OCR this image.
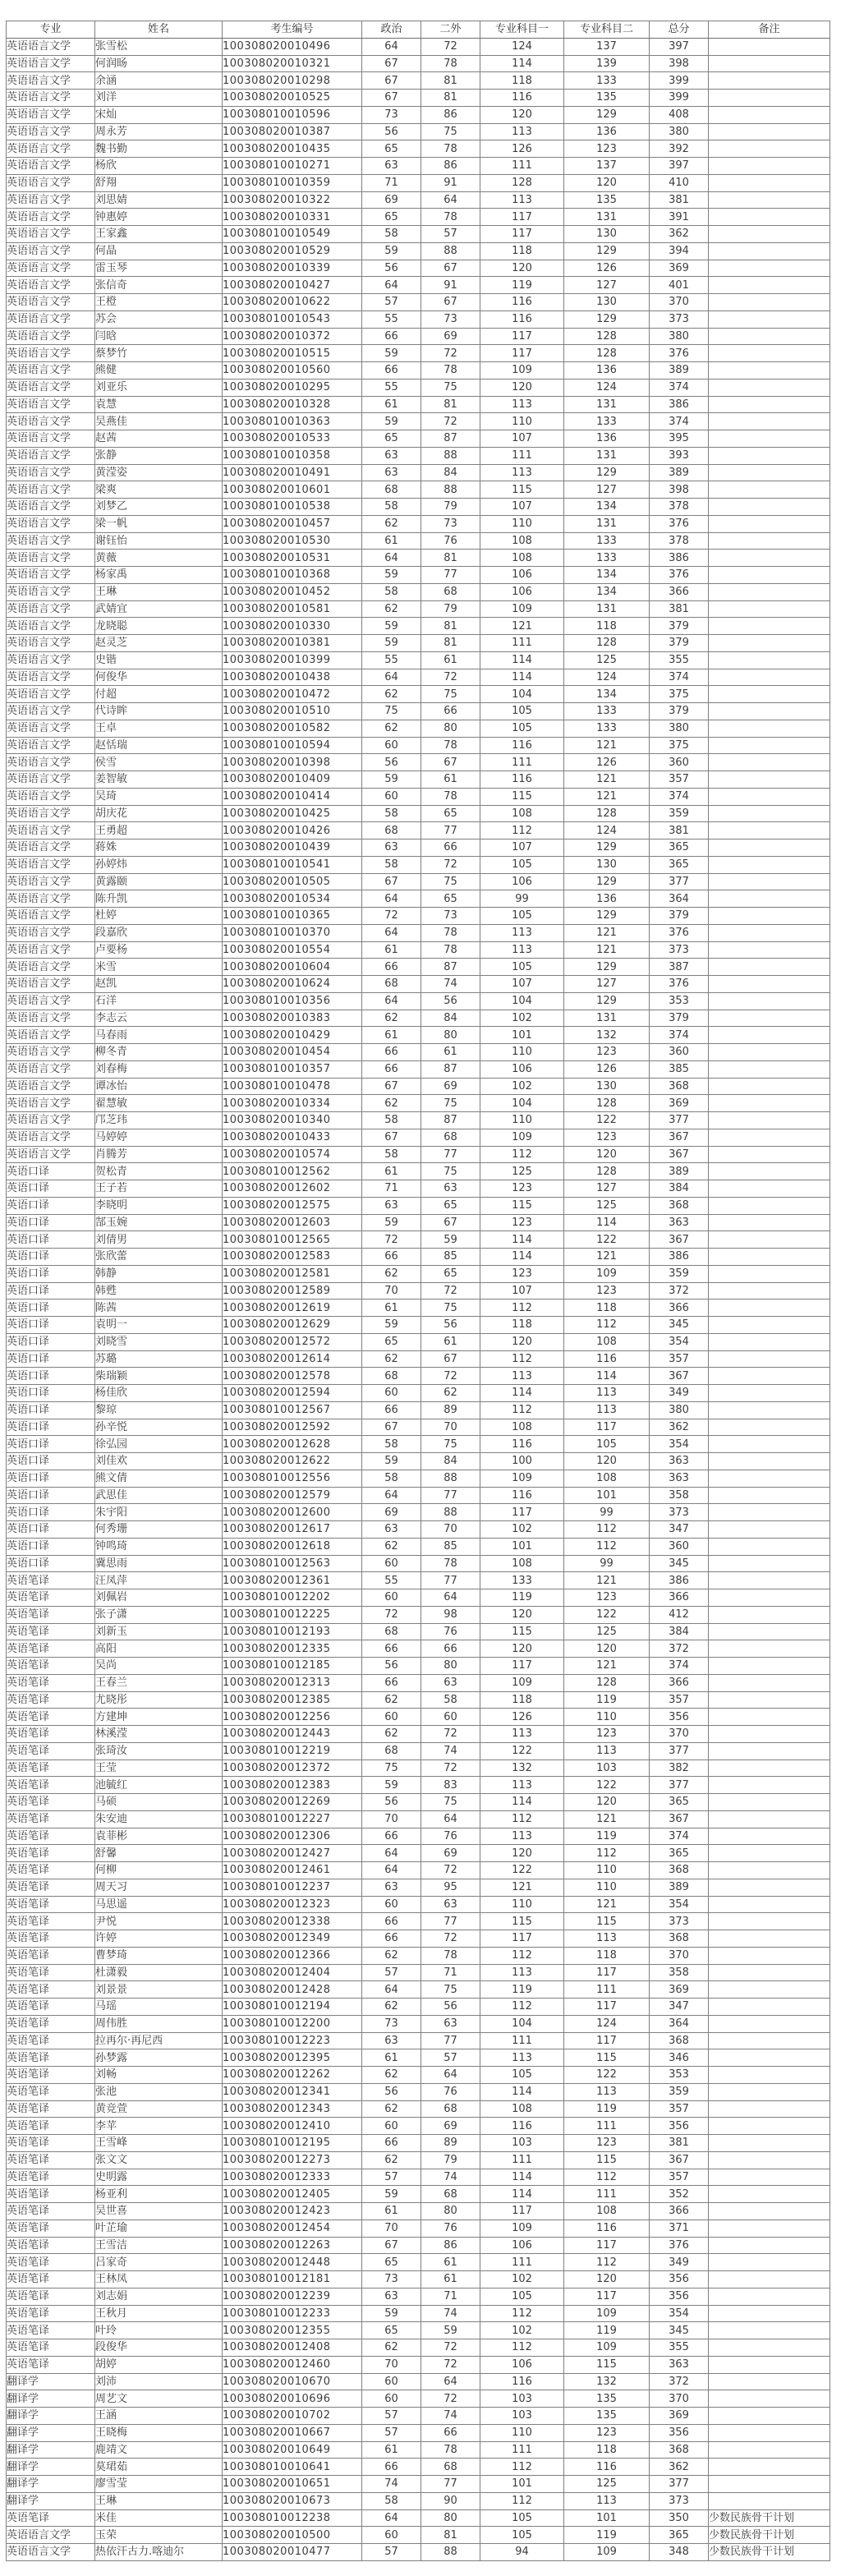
专业	姓名	考生编号	政治	二外	专业科目一	专业科目二	总分	备注
英语语言文学	张雪松	100308020010496	64	72	124	137	397	
英语语言文学	何润旸	100308020010321	67	78	114	139	398	
英语语言文学	余涵	100308020010298	67	81	118	133	399	
英语语言文学	刘洋	100308020010525	67	81	116	135	399	
英语语言文学	宋灿	100308010010596	73	86	120	129	408	
英语语言文学	周永芳	100308020010387	56	75	113	136	380	
英语语言文学	魏书勤	100308020010435	65	78	126	123	392	
英语语言文学	杨欣	100308010010271	63	86	111	137	397	
英语语言文学	舒翔	100308010010359	71	91	128	120	410	
英语语言文学	刘思婧	100308020010322	69	64	113	135	381	
英语语言文学	钟惠婷	100308020010331	65	78	117	131	391	
英语语言文学	王家鑫	100308010010549	58	57	117	130	362	
英语语言文学	何晶	100308020010529	59	88	118	129	394	
英语语言文学	雷玉琴	100308020010339	56	67	120	126	369	
英语语言文学	张信奇	100308020010427	64	91	119	127	401	
英语语言文学	王橙	100308020010622	57	67	116	130	370	
英语语言文学	苏会	100308010010543	55	73	116	129	373	
英语语言文学	闫晗	100308020010372	66	69	117	128	380	
英语语言文学	蔡梦竹	100308020010515	59	72	117	128	376	
英语语言文学	熊健	100308020010560	66	78	109	136	389	
英语语言文学	刘亚乐	100308020010295	55	75	120	124	374	
英语语言文学	袁慧	100308020010328	61	81	113	131	386	
英语语言文学	吴燕佳	100308010010363	59	72	110	133	374	
英语语言文学	赵茜	100308020010533	65	87	107	136	395	
英语语言文学	张静	100308010010358	63	88	111	131	393	
英语语言文学	黄滢姿	100308020010491	63	84	113	129	389	
英语语言文学	梁爽	100308020010601	68	88	115	127	398	
英语语言文学	刘梦乙	100308010010538	58	79	107	134	378	
英语语言文学	梁一帆	100308020010457	62	73	110	131	376	
英语语言文学	谢钰怡	100308020010530	61	76	108	133	378	
英语语言文学	黄薇	100308020010531	64	81	108	133	386	
英语语言文学	杨家禹	100308010010368	59	77	106	134	376	
英语语言文学	王琳	100308020010452	58	68	106	134	366	
英语语言文学	武婧宜	100308020010581	62	79	109	131	381	
英语语言文学	龙晓聪	100308020010330	59	81	121	118	379	
英语语言文学	赵灵芝	100308020010381	59	81	111	128	379	
英语语言文学	史锴	100308020010399	55	61	114	125	355	
英语语言文学	何俊华	100308020010438	64	72	114	124	374	
英语语言文学	付超	100308020010472	62	75	104	134	375	
英语语言文学	代诗眸	100308020010510	75	66	105	133	379	
英语语言文学	王卓	100308020010582	62	80	105	133	380	
英语语言文学	赵恬瑞	100308010010594	60	78	116	121	375	
英语语言文学	侯雪	100308020010398	56	67	111	126	360	
英语语言文学	姜智敏	100308020010409	59	61	116	121	357	
英语语言文学	吴琦	100308020010414	60	78	115	121	374	
英语语言文学	胡庆花	100308020010425	58	65	108	128	359	
英语语言文学	王勇超	100308020010426	68	77	112	124	381	
英语语言文学	蒋姝	100308020010439	63	66	107	129	365	
英语语言文学	孙婷炜	100308010010541	58	72	105	130	365	
英语语言文学	黄露颐	100308020010505	67	75	106	129	377	
英语语言文学	陈升凯	100308020010534	64	65	99	136	364	
英语语言文学	杜婷	100308010010365	72	73	105	129	379	
英语语言文学	段嘉欣	100308010010370	64	78	113	121	376	
英语语言文学	卢要杨	100308020010554	61	78	113	121	373	
英语语言文学	米雪	100308020010604	66	87	105	129	387	
英语语言文学	赵凯	100308020010624	68	74	107	127	376	
英语语言文学	石洋	100308010010356	64	56	104	129	353	
英语语言文学	李志云	100308020010383	62	84	102	131	379	
英语语言文学	马春雨	100308020010429	61	80	101	132	374	
英语语言文学	柳冬青	100308020010454	66	61	110	123	360	
英语语言文学	刘春梅	100308010010357	66	87	106	126	385	
英语语言文学	谭冰怡	100308010010478	67	69	102	130	368	
英语语言文学	翟慧敏	100308020010334	62	75	104	128	369	
英语语言文学	邝芝玮	100308020010340	58	87	110	122	377	
英语语言文学	马婷婷	100308020010433	67	68	109	123	367	
英语语言文学	肖腾芳	100308020010574	58	77	112	120	367	
英语口译	贺松青	100308010012562	61	75	125	128	389	
英语口译	王子若	100308020012602	71	63	123	127	384	
英语口译	李晓明	100308020012575	63	65	115	125	368	
英语口译	郜玉婉	100308020012603	59	67	123	114	363	
英语口译	刘倩男	100308010012565	72	59	114	122	367	
英语口译	张欣蕾	100308020012583	66	85	114	121	386	
英语口译	韩静	100308020012581	62	65	123	109	359	
英语口译	韩甦	100308020012589	70	72	107	123	372	
英语口译	陈茜	100308020012619	61	75	112	118	366	
英语口译	袁明一	100308020012629	59	56	118	112	345	
英语口译	刘晓雪	100308020012572	65	61	120	108	354	
英语口译	苏璐	100308020012614	62	67	112	116	357	
英语口译	柴瑞颖	100308020012578	68	72	113	114	367	
英语口译	杨佳欣	100308020012594	60	62	114	113	349	
英语口译	黎琼	100308010012567	66	89	112	113	380	
英语口译	孙辛悦	100308020012592	67	70	108	117	362	
英语口译	徐弘园	100308020012628	58	75	116	105	354	
英语口译	刘佳欢	100308020012622	59	84	100	120	363	
英语口译	熊文倩	100308010012556	58	88	109	108	363	
英语口译	武思佳	100308020012579	64	77	116	101	358	
英语口译	朱宇阳	100308020012600	69	88	117	99	373	
英语口译	何秀珊	100308020012617	63	70	102	112	347	
英语口译	钟鸣琦	100308020012618	62	85	101	112	360	
英语口译	冀思雨	100308010012563	60	78	108	99	345	
英语笔译	汪凤萍	100308020012361	55	77	133	121	386	
英语笔译	刘佩岩	100308010012202	60	64	119	123	366	
英语笔译	张子潇	100308010012225	72	98	120	122	412	
英语笔译	刘新玉	100308010012193	68	76	115	125	384	
英语笔译	高阳	100308020012335	66	66	120	120	372	
英语笔译	吴尚	100308010012185	56	80	117	121	374	
英语笔译	王春兰	100308020012313	66	63	109	128	366	
英语笔译	尤晓彤	100308020012385	62	58	118	119	357	
英语笔译	方建坤	100308020012256	60	60	126	110	356	
英语笔译	林溪滢	100308020012443	62	72	113	123	370	
英语笔译	张琦汝	100308010012219	68	74	122	113	377	
英语笔译	王莹	100308020012372	75	72	132	103	382	
英语笔译	池毓红	100308020012383	59	83	113	122	377	
英语笔译	马硕	100308020012269	56	75	114	120	365	
英语笔译	朱安迪	100308010012227	70	64	112	121	367	
英语笔译	袁菲彬	100308020012306	66	76	113	119	374	
英语笔译	舒馨	100308020012427	64	69	120	112	365	
英语笔译	何柳	100308020012461	64	72	122	110	368	
英语笔译	周天习	100308010012237	63	95	121	110	389	
英语笔译	马思遥	100308020012323	60	63	110	121	354	
英语笔译	尹悦	100308020012338	66	77	115	115	373	
英语笔译	许婷	100308020012349	66	72	117	113	368	
英语笔译	曹梦琦	100308020012366	62	78	112	118	370	
英语笔译	杜潇毅	100308020012404	57	71	113	117	358	
英语笔译	刘景景	100308020012428	64	75	119	111	369	
英语笔译	马瑶	100308010012194	62	56	112	117	347	
英语笔译	周伟胜	100308010012200	73	63	104	124	364	
英语笔译	拉再尔·再尼西	100308010012223	63	77	111	117	368	
英语笔译	孙梦露	100308020012395	61	57	113	115	346	
英语笔译	刘畅	100308020012262	62	64	105	122	353	
英语笔译	张池	100308020012341	56	76	114	113	359	
英语笔译	黄竞萱	100308020012343	62	68	108	119	357	
英语笔译	李苹	100308020012410	60	69	116	111	356	
英语笔译	王雪峰	100308010012195	66	89	103	123	381	
英语笔译	张文文	100308020012273	62	79	111	115	367	
英语笔译	史明露	100308020012333	57	74	114	112	357	
英语笔译	杨亚利	100308020012405	59	68	114	111	352	
英语笔译	吴世喜	100308020012423	61	80	117	108	366	
英语笔译	叶芷瑜	100308020012454	70	76	109	116	371	
英语笔译	王雪洁	100308020012263	67	86	106	117	376	
英语笔译	吕家奇	100308020012448	65	61	111	112	349	
英语笔译	王林凤	100308010012181	73	61	102	120	356	
英语笔译	刘志娟	100308020012239	63	71	105	117	356	
英语笔译	王秋月	100308010012233	59	74	112	109	354	
英语笔译	叶玲	100308020012355	65	59	102	119	345	
英语笔译	段俊华	100308020012408	62	72	112	109	355	
英语笔译	胡婷	100308020012460	70	72	106	115	363	
翻译学	刘沛	100308020010670	60	64	116	132	372	
翻译学	周艺文	100308020010696	60	72	103	135	370	
翻译学	王涵	100308020010702	57	74	103	135	369	
翻译学	王晓梅	100308020010667	57	66	110	123	356	
翻译学	鹿靖文	100308020010649	61	78	111	118	368	
翻译学	莫珺茹	100308010010641	66	68	112	116	362	
翻译学	廖雪莹	100308020010651	74	77	101	125	377	
翻译学	王琳	100308020010673	58	90	112	113	373	
英语笔译	米佳	100308010012238	64	80	105	101	350	少数民族骨干计划
英语语言文学	玉荣	100308020010500	60	81	105	119	365	少数民族骨干计划
英语语言文学	热依汗古力.喀迪尔	100308020010477	57	88	94	109	348	少数民族骨干计划
